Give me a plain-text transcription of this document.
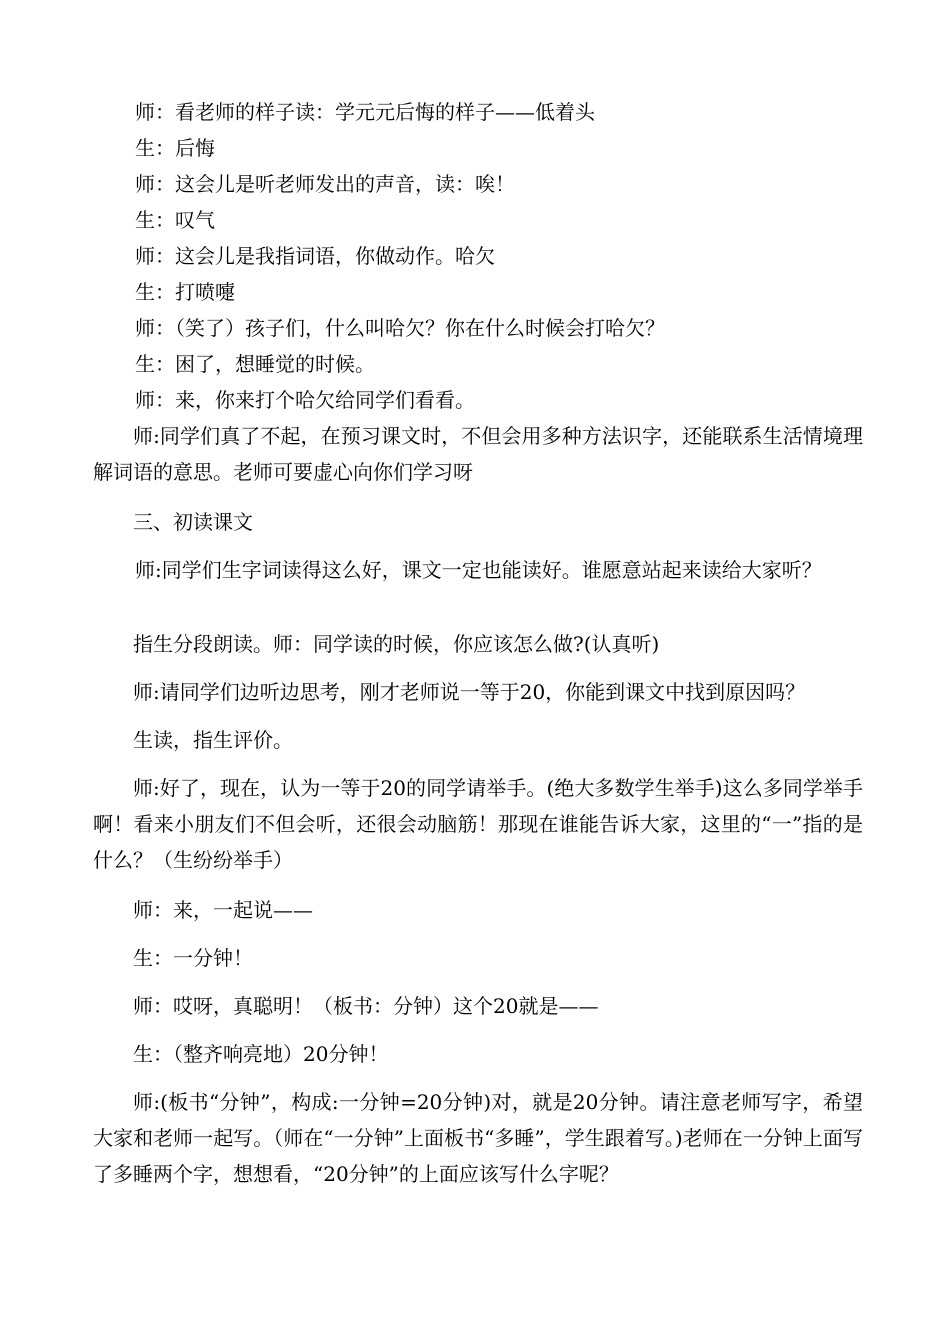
师：看老师的样子读：学元元后悔的样子——低着头

生：后悔

师：这会儿是听老师发出的声音，读：唉！

生：叹气

师：这会儿是我指词语，你做动作。哈欠

生：打喷嚏

师：（笑了）孩子们，什么叫哈欠？你在什么时候会打哈欠？

生：困了，想睡觉的时候。

师：来，你来打个哈欠给同学们看看。

师:同学们真了不起，在预习课文时，不但会用多种方法识字，还能联系生活情境理解词语的意思。老师可要虚心向你们学习呀

三、初读课文

师:同学们生字词读得这么好，课文一定也能读好。谁愿意站起来读给大家听？

指生分段朗读。师：同学读的时候，你应该怎么做?(认真听)

师:请同学们边听边思考，刚才老师说一等于20，你能到课文中找到原因吗？

生读，指生评价。

师:好了，现在，认为一等于20的同学请举手。(绝大多数学生举手)这么多同学举手啊！看来小朋友们不但会听，还很会动脑筋！那现在谁能告诉大家，这里的“一”指的是什么？（生纷纷举手）

师：来，一起说——

生：一分钟！

师：哎呀，真聪明！（板书：分钟）这个20就是——

生：（整齐响亮地）20分钟！

师:(板书“分钟”，构成:一分钟=20分钟)对，就是20分钟。请注意老师写字，希望大家和老师一起写。（师在“一分钟”上面板书“多睡”，学生跟着写。)老师在一分钟上面写了多睡两个字，想想看，“20分钟”的上面应该写什么字呢？
